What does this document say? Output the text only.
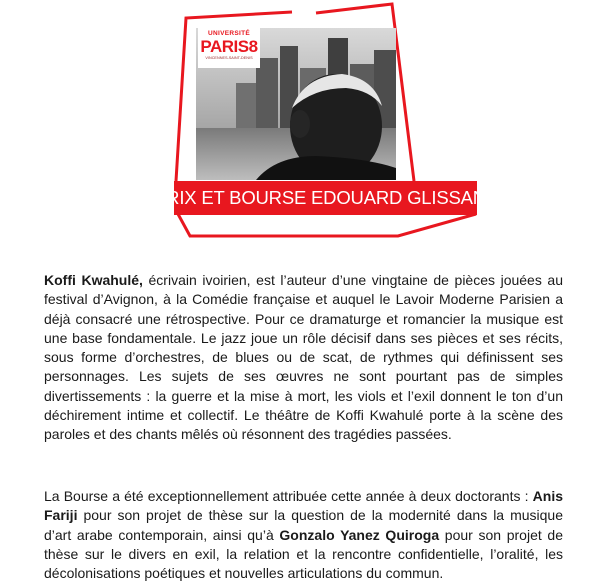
UNIVERSITÉ
PARIS8
VINCENNES-SAINT-DENIS
PRIX ET BOURSE EDOUARD GLISSANT
Koffi Kwahulé, écrivain ivoirien, est l’auteur d’une vingtaine de pièces jouées au festival d’Avignon, à la Comédie française et auquel le Lavoir Moderne Parisien a déjà consacré une rétrospective. Pour ce dramaturge et romancier la musique est une base fondamentale. Le jazz joue un rôle décisif dans ses pièces et ses récits, sous forme d’orchestres, de blues ou de scat, de rythmes qui définissent ses personnages. Les sujets de ses œuvres ne sont pourtant pas de simples divertissements : la guerre et la mise à mort, les viols et l’exil donnent le ton d’un déchirement intime et collectif. Le théâtre de Koffi Kwahulé porte à la scène des paroles et des chants mêlés où résonnent des tragédies passées.
La Bourse a été exceptionnellement attribuée cette année à deux doctorants : Anis Fariji pour son projet de thèse sur la question de la modernité dans la musique d’art arabe contemporain, ainsi qu’à Gonzalo Yanez Quiroga pour son projet de thèse sur le divers en exil, la relation et la rencontre confidentielle, l’oralité, les décolonisations poétiques et nouvelles articulations du commun.
